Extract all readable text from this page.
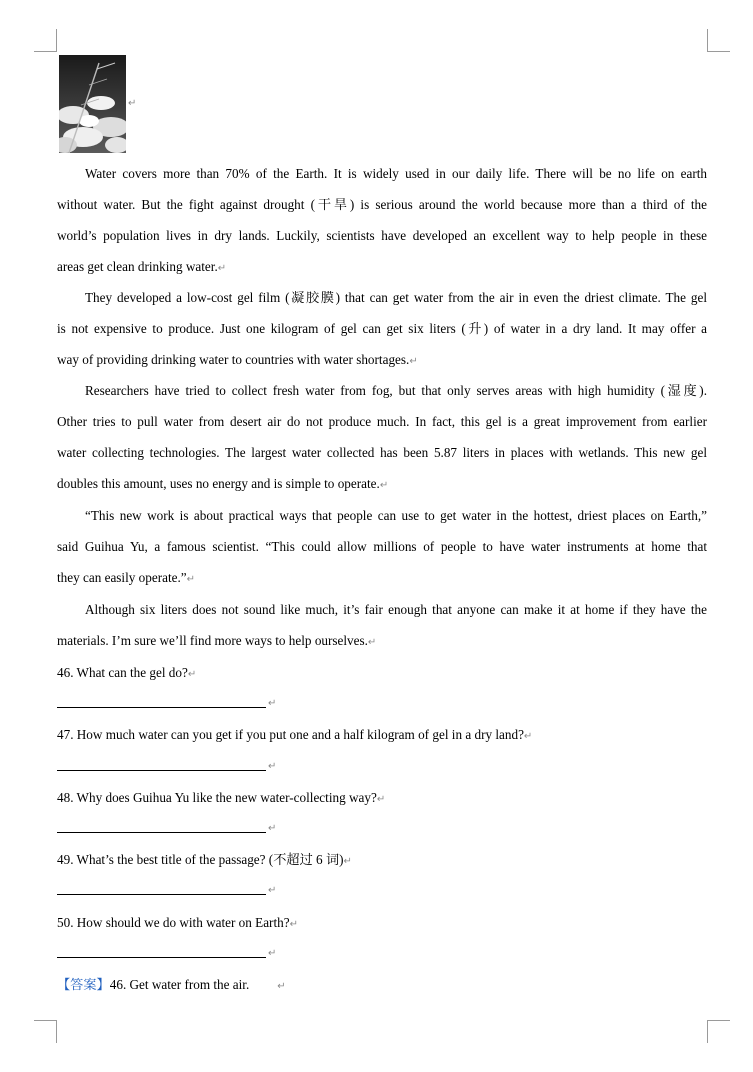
↵
Water covers more than 70% of the Earth. It is widely used in our daily life. There will be no life on earth
without water. But the fight against drought (干旱) is serious around the world because more than a third of the
world’s population lives in dry lands. Luckily, scientists have developed an excellent way to help people in these
areas get clean drinking water.↵
They developed a low-cost gel film (凝胶膜) that can get water from the air in even the driest climate. The gel
is not expensive to produce. Just one kilogram of gel can get six liters (升) of water in a dry land. It may offer a
way of providing drinking water to countries with water shortages.↵
Researchers have tried to collect fresh water from fog, but that only serves areas with high humidity (湿度).
Other tries to pull water from desert air do not produce much. In fact, this gel is a great improvement from earlier
water collecting technologies. The largest water collected has been 5.87 liters in places with wetlands. This new gel
doubles this amount, uses no energy and is simple to operate.↵
“This new work is about practical ways that people can use to get water in the hottest, driest places on Earth,”
said Guihua Yu, a famous scientist. “This could allow millions of people to have water instruments at home that
they can easily operate.”↵
Although six liters does not sound like much, it’s fair enough that anyone can make it at home if they have the
materials. I’m sure we’ll find more ways to help ourselves.↵
46. What can the gel do?↵
↵
47. How much water can you get if you put one and a half kilogram of gel in a dry land?↵
↵
48. Why does Guihua Yu like the new water-collecting way?↵
↵
49. What’s the best title of the passage? (不超过 6 词)↵
↵
50. How should we do with water on Earth?↵
↵
【答案】46. Get water from the air.	↵
